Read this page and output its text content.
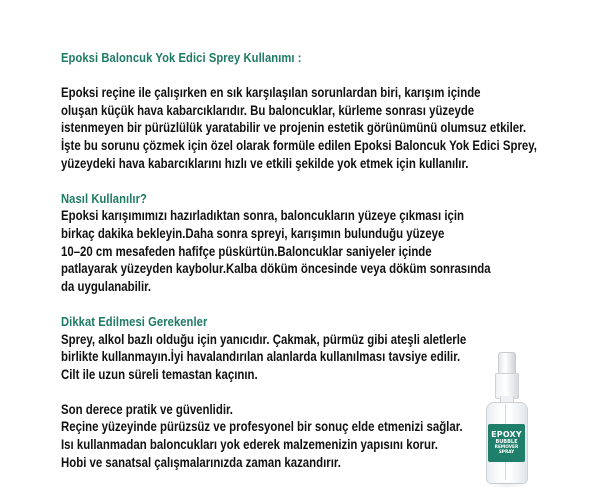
Epoksi Baloncuk Yok Edici Sprey Kullanımı :

Epoksi reçine ile çalışırken en sık karşılaşılan sorunlardan biri, karışım içinde

oluşan küçük hava kabarcıklarıdır. Bu baloncuklar, kürleme sonrası yüzeyde

istenmeyen bir pürüzlülük yaratabilir ve projenin estetik görünümünü olumsuz etkiler.

İşte bu sorunu çözmek için özel olarak formüle edilen Epoksi Baloncuk Yok Edici Sprey,

yüzeydeki hava kabarcıklarını hızlı ve etkili şekilde yok etmek için kullanılır.

Nasıl Kullanılır?

Epoksi karışımımızı hazırladıktan sonra, baloncukların yüzeye çıkması için

birkaç dakika bekleyin.Daha sonra spreyi, karışımın bulunduğu yüzeye

10–20 cm mesafeden hafifçe püskürtün.Baloncuklar saniyeler içinde

patlayarak yüzeyden kaybolur.Kalba döküm öncesinde veya döküm sonrasında

da uygulanabilir.

Dikkat Edilmesi Gerekenler

Sprey, alkol bazlı olduğu için yanıcıdır. Çakmak, pürmüz gibi ateşli aletlerle

birlikte kullanmayın.İyi havalandırılan alanlarda kullanılması tavsiye edilir.

Cilt ile uzun süreli temastan kaçının.

Son derece pratik ve güvenlidir.

Reçine yüzeyinde pürüzsüz ve profesyonel bir sonuç elde etmenizi sağlar.

Isı kullanmadan baloncukları yok ederek malzemenizin yapısını korur.

Hobi ve sanatsal çalışmalarınızda zaman kazandırır.

EPOXY
BUBBLE
REMOVER
SPRAY
